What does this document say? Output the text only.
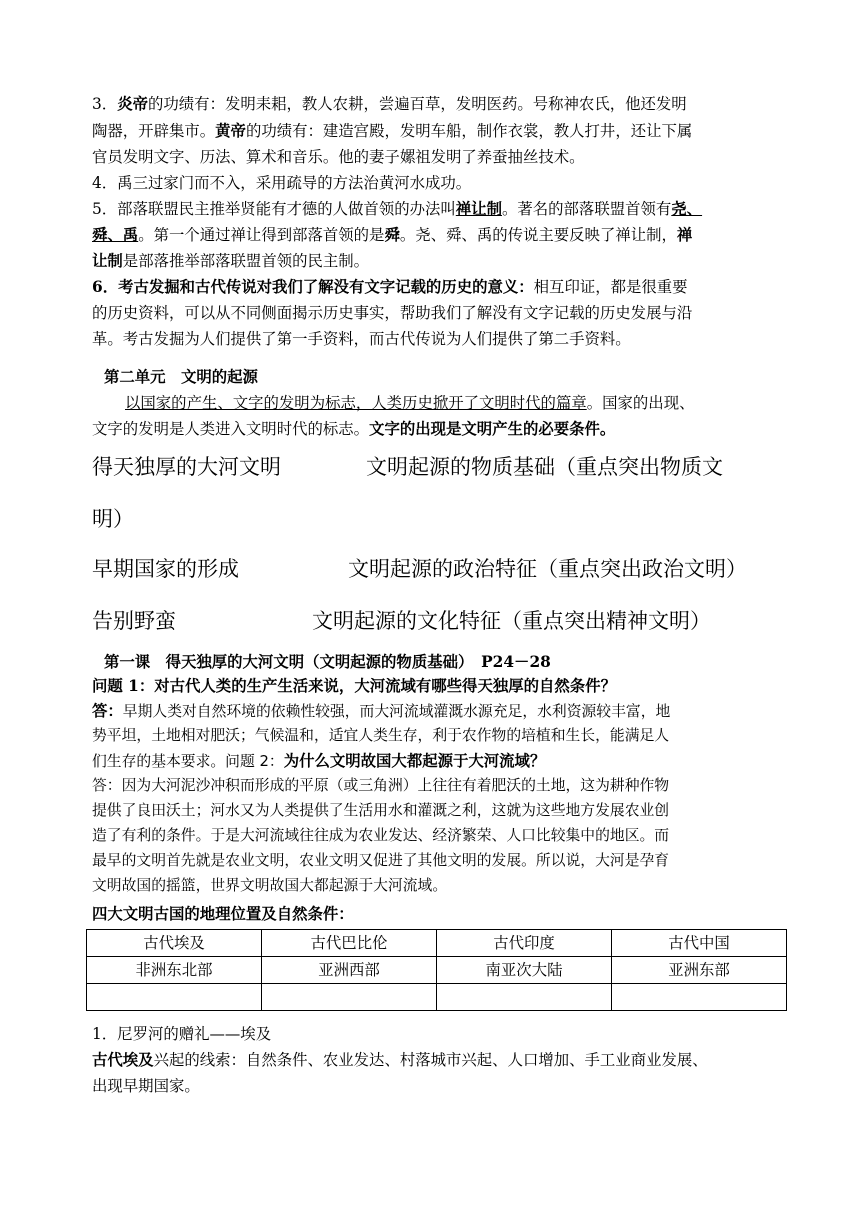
3．炎帝的功绩有：发明耒耜，教人农耕，尝遍百草，发明医药。号称神农氏，他还发明
陶器，开辟集市。黄帝的功绩有：建造宫殿，发明车船，制作衣裳，教人打井，还让下属
官员发明文字、历法、算术和音乐。他的妻子嫘祖发明了养蚕抽丝技术。
4．禹三过家门而不入，采用疏导的方法治黄河水成功。
5．部落联盟民主推举贤能有才德的人做首领的办法叫禅让制。著名的部落联盟首领有尧、
舜、禹。第一个通过禅让得到部落首领的是舜。尧、舜、禹的传说主要反映了禅让制，禅
让制是部落推举部落联盟首领的民主制。
6．考古发掘和古代传说对我们了解没有文字记载的历史的意义：相互印证，都是很重要
的历史资料，可以从不同侧面揭示历史事实，帮助我们了解没有文字记载的历史发展与沿
革。考古发掘为人们提供了第一手资料，而古代传说为人们提供了第二手资料。
第二单元　文明的起源
以国家的产生、文字的发明为标志，人类历史掀开了文明时代的篇章。国家的出现、
文字的发明是人类进入文明时代的标志。文字的出现是文明产生的必要条件。
得天独厚的大河文明	文明起源的物质基础（重点突出物质文
明）
早期国家的形成	文明起源的政治特征（重点突出政治文明）
告别野蛮	文明起源的文化特征（重点突出精神文明）
第一课　得天独厚的大河文明（文明起源的物质基础）　P24－28
问题 1：对古代人类的生产生活来说，大河流域有哪些得天独厚的自然条件？
答：早期人类对自然环境的依赖性较强，而大河流域灌溉水源充足，水利资源较丰富，地
势平坦，土地相对肥沃；气候温和，适宜人类生存，利于农作物的培植和生长，能满足人
们生存的基本要求。问题 2：为什么文明故国大都起源于大河流域？
答：因为大河泥沙冲积而形成的平原（或三角洲）上往往有着肥沃的土地，这为耕种作物
提供了良田沃土；河水又为人类提供了生活用水和灌溉之利，这就为这些地方发展农业创
造了有利的条件。于是大河流域往往成为农业发达、经济繁荣、人口比较集中的地区。而
最早的文明首先就是农业文明，农业文明又促进了其他文明的发展。所以说，大河是孕育
文明故国的摇篮，世界文明故国大都起源于大河流域。
四大文明古国的地理位置及自然条件：
古代埃及	古代巴比伦	古代印度	古代中国
非洲东北部	亚洲西部	南亚次大陆	亚洲东部

1．尼罗河的赠礼——埃及
古代埃及兴起的线索：自然条件、农业发达、村落城市兴起、人口增加、手工业商业发展、
出现早期国家。
